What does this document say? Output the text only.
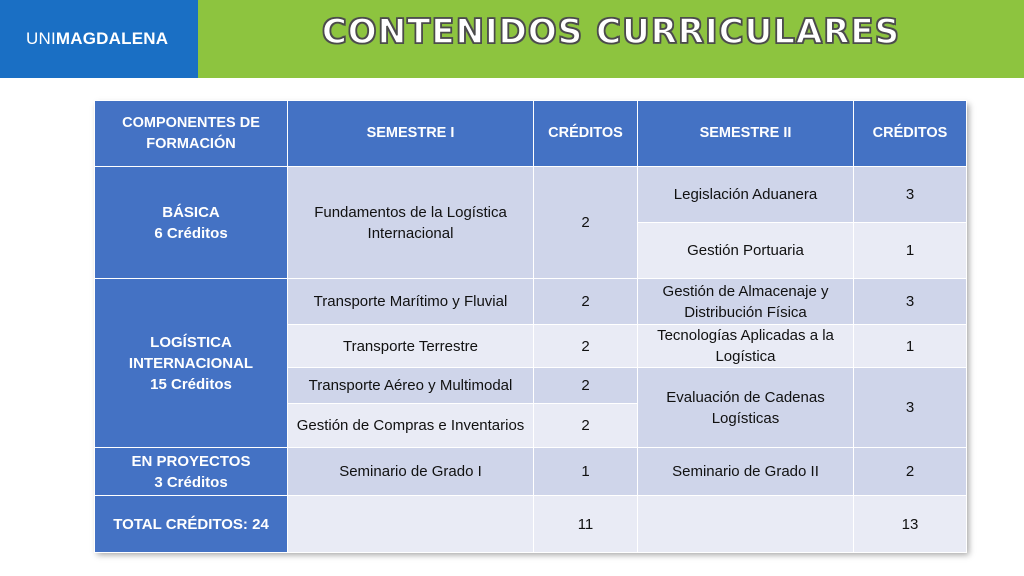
UNI MAGDALENA	CONTENIDOS CURRICULARES
COMPONENTES DE FORMACIÓN	SEMESTRE I	CRÉDITOS	SEMESTRE II	CRÉDITOS

BÁSICA
6 Créditos	Fundamentos de la Logística Internacional	2	Legislación Aduanera	3
			Gestión Portuaria	1

LOGÍSTICA INTERNACIONAL
15 Créditos	Transporte Marítimo y Fluvial	2	Gestión de Almacenaje y Distribución Física	3
	Transporte Terrestre	2	Tecnologías Aplicadas a la Logística	1
	Transporte Aéreo y Multimodal	2	Evaluación de Cadenas Logísticas	3
	Gestión de Compras e Inventarios	2		

EN PROYECTOS
3 Créditos	Seminario de Grado I	1	Seminario de Grado II	2
TOTAL CRÉDITOS: 24		11		13
